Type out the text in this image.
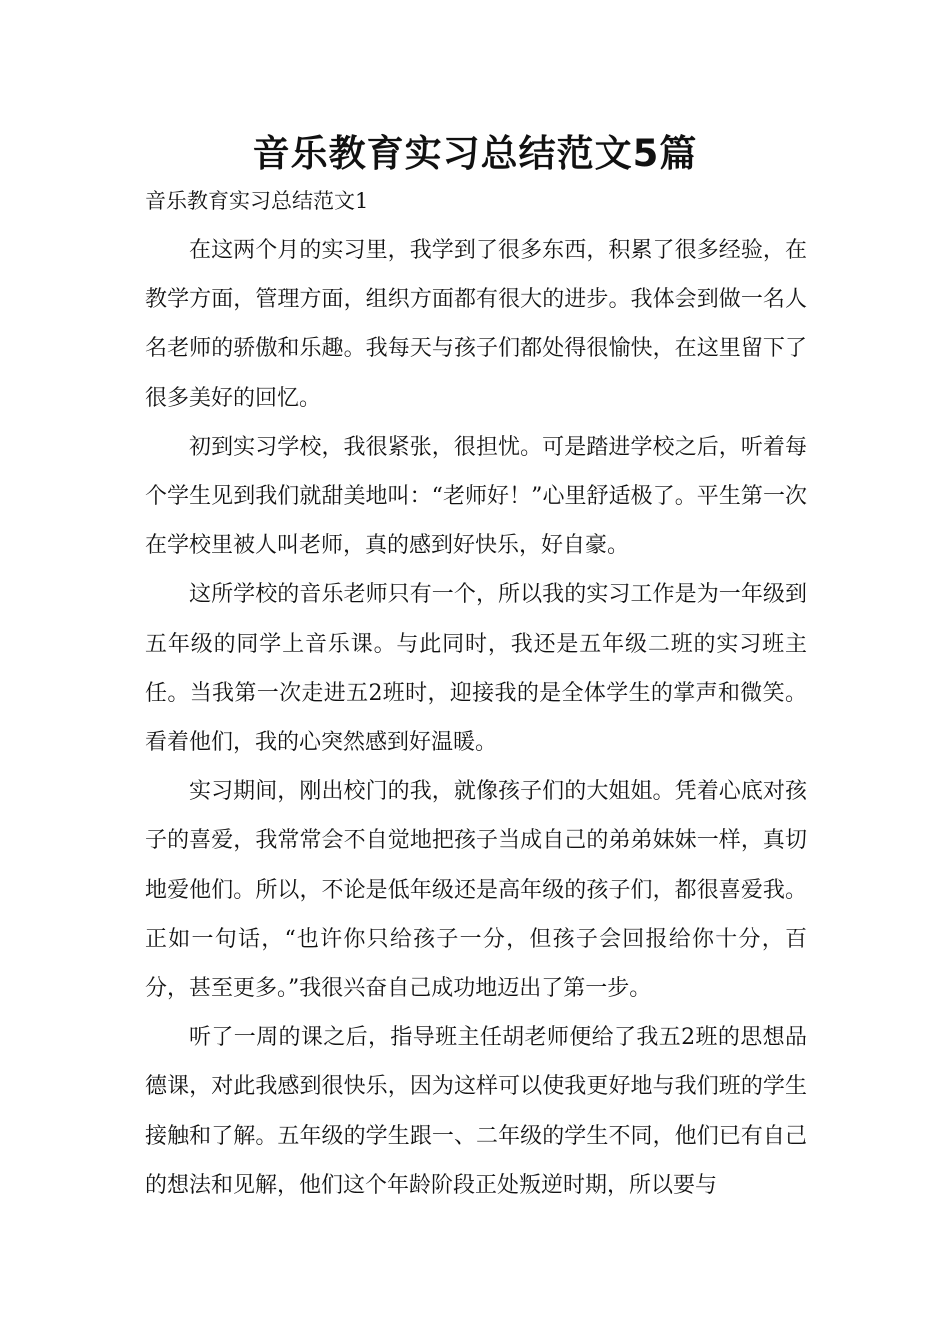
音乐教育实习总结范文5篇
音乐教育实习总结范文1

在这两个月的实习里，我学到了很多东西，积累了很多经验，在教学方面，管理方面，组织方面都有很大的进步。我体会到做一名人名老师的骄傲和乐趣。我每天与孩子们都处得很愉快，在这里留下了很多美好的回忆。

初到实习学校，我很紧张，很担忧。可是踏进学校之后，听着每个学生见到我们就甜美地叫：“老师好！”心里舒适极了。平生第一次在学校里被人叫老师，真的感到好快乐，好自豪。

这所学校的音乐老师只有一个，所以我的实习工作是为一年级到五年级的同学上音乐课。与此同时，我还是五年级二班的实习班主任。当我第一次走进五2班时，迎接我的是全体学生的掌声和微笑。看着他们，我的心突然感到好温暖。

实习期间，刚出校门的我，就像孩子们的大姐姐。凭着心底对孩子的喜爱，我常常会不自觉地把孩子当成自己的弟弟妹妹一样，真切地爱他们。所以，不论是低年级还是高年级的孩子们，都很喜爱我。正如一句话，“也许你只给孩子一分，但孩子会回报给你十分，百分，甚至更多。”我很兴奋自己成功地迈出了第一步。

听了一周的课之后，指导班主任胡老师便给了我五2班的思想品德课，对此我感到很快乐，因为这样可以使我更好地与我们班的学生接触和了解。五年级的学生跟一、二年级的学生不同，他们已有自己的想法和见解，他们这个年龄阶段正处叛逆时期，所以要与
